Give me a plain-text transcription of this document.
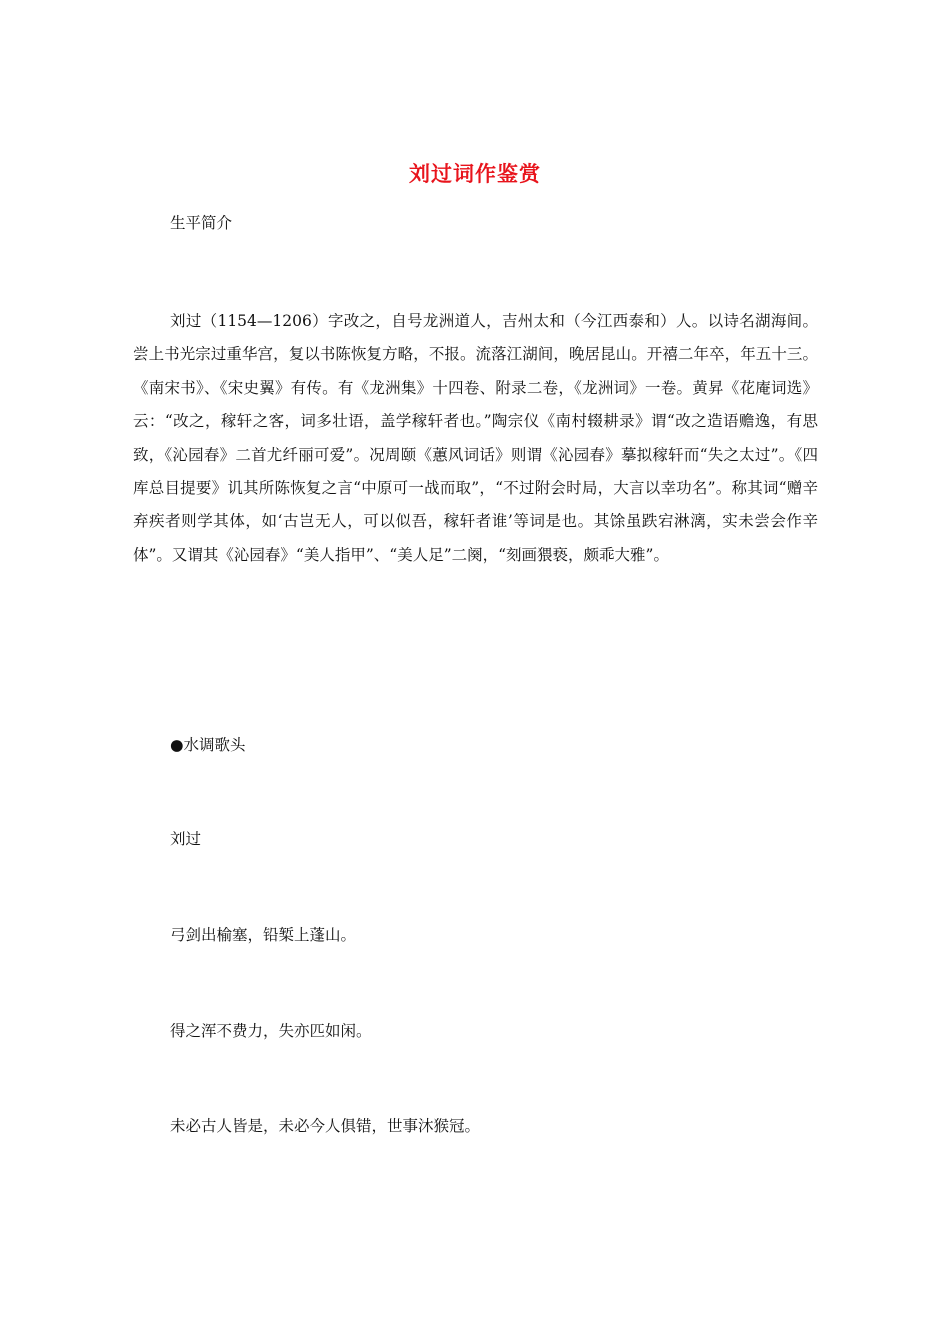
刘过词作鉴赏
生平简介

刘过（1154—1206）字改之，自号龙洲道人，吉州太和（今江西泰和）人。以诗名湖海间。尝上书光宗过重华宫，复以书陈恢复方略，不报。流落江湖间，晚居昆山。开禧二年卒，年五十三。《南宋书》、《宋史翼》有传。有《龙洲集》十四卷、附录二卷，《龙洲词》一卷。黄昇《花庵词选》云：“改之，稼轩之客，词多壮语，盖学稼轩者也。”陶宗仪《南村辍耕录》谓“改之造语赡逸，有思致，《沁园春》二首尤纤丽可爱”。况周颐《蕙风词话》则谓《沁园春》摹拟稼轩而“失之太过”。《四库总目提要》讥其所陈恢复之言“中原可一战而取”，“不过附会时局，大言以幸功名”。称其词“赠辛弃疾者则学其体，如‘古岂无人，可以似吾，稼轩者谁’等词是也。其馀虽跌宕淋漓，实未尝会作辛体”。又谓其《沁园春》“美人指甲”、“美人足”二阕，“刻画猥亵，颇乖大雅”。

●水调歌头
刘过
弓剑出榆塞，铅椠上蓬山。
得之浑不费力，失亦匹如闲。
未必古人皆是，未必今人俱错，世事沐猴冠。
